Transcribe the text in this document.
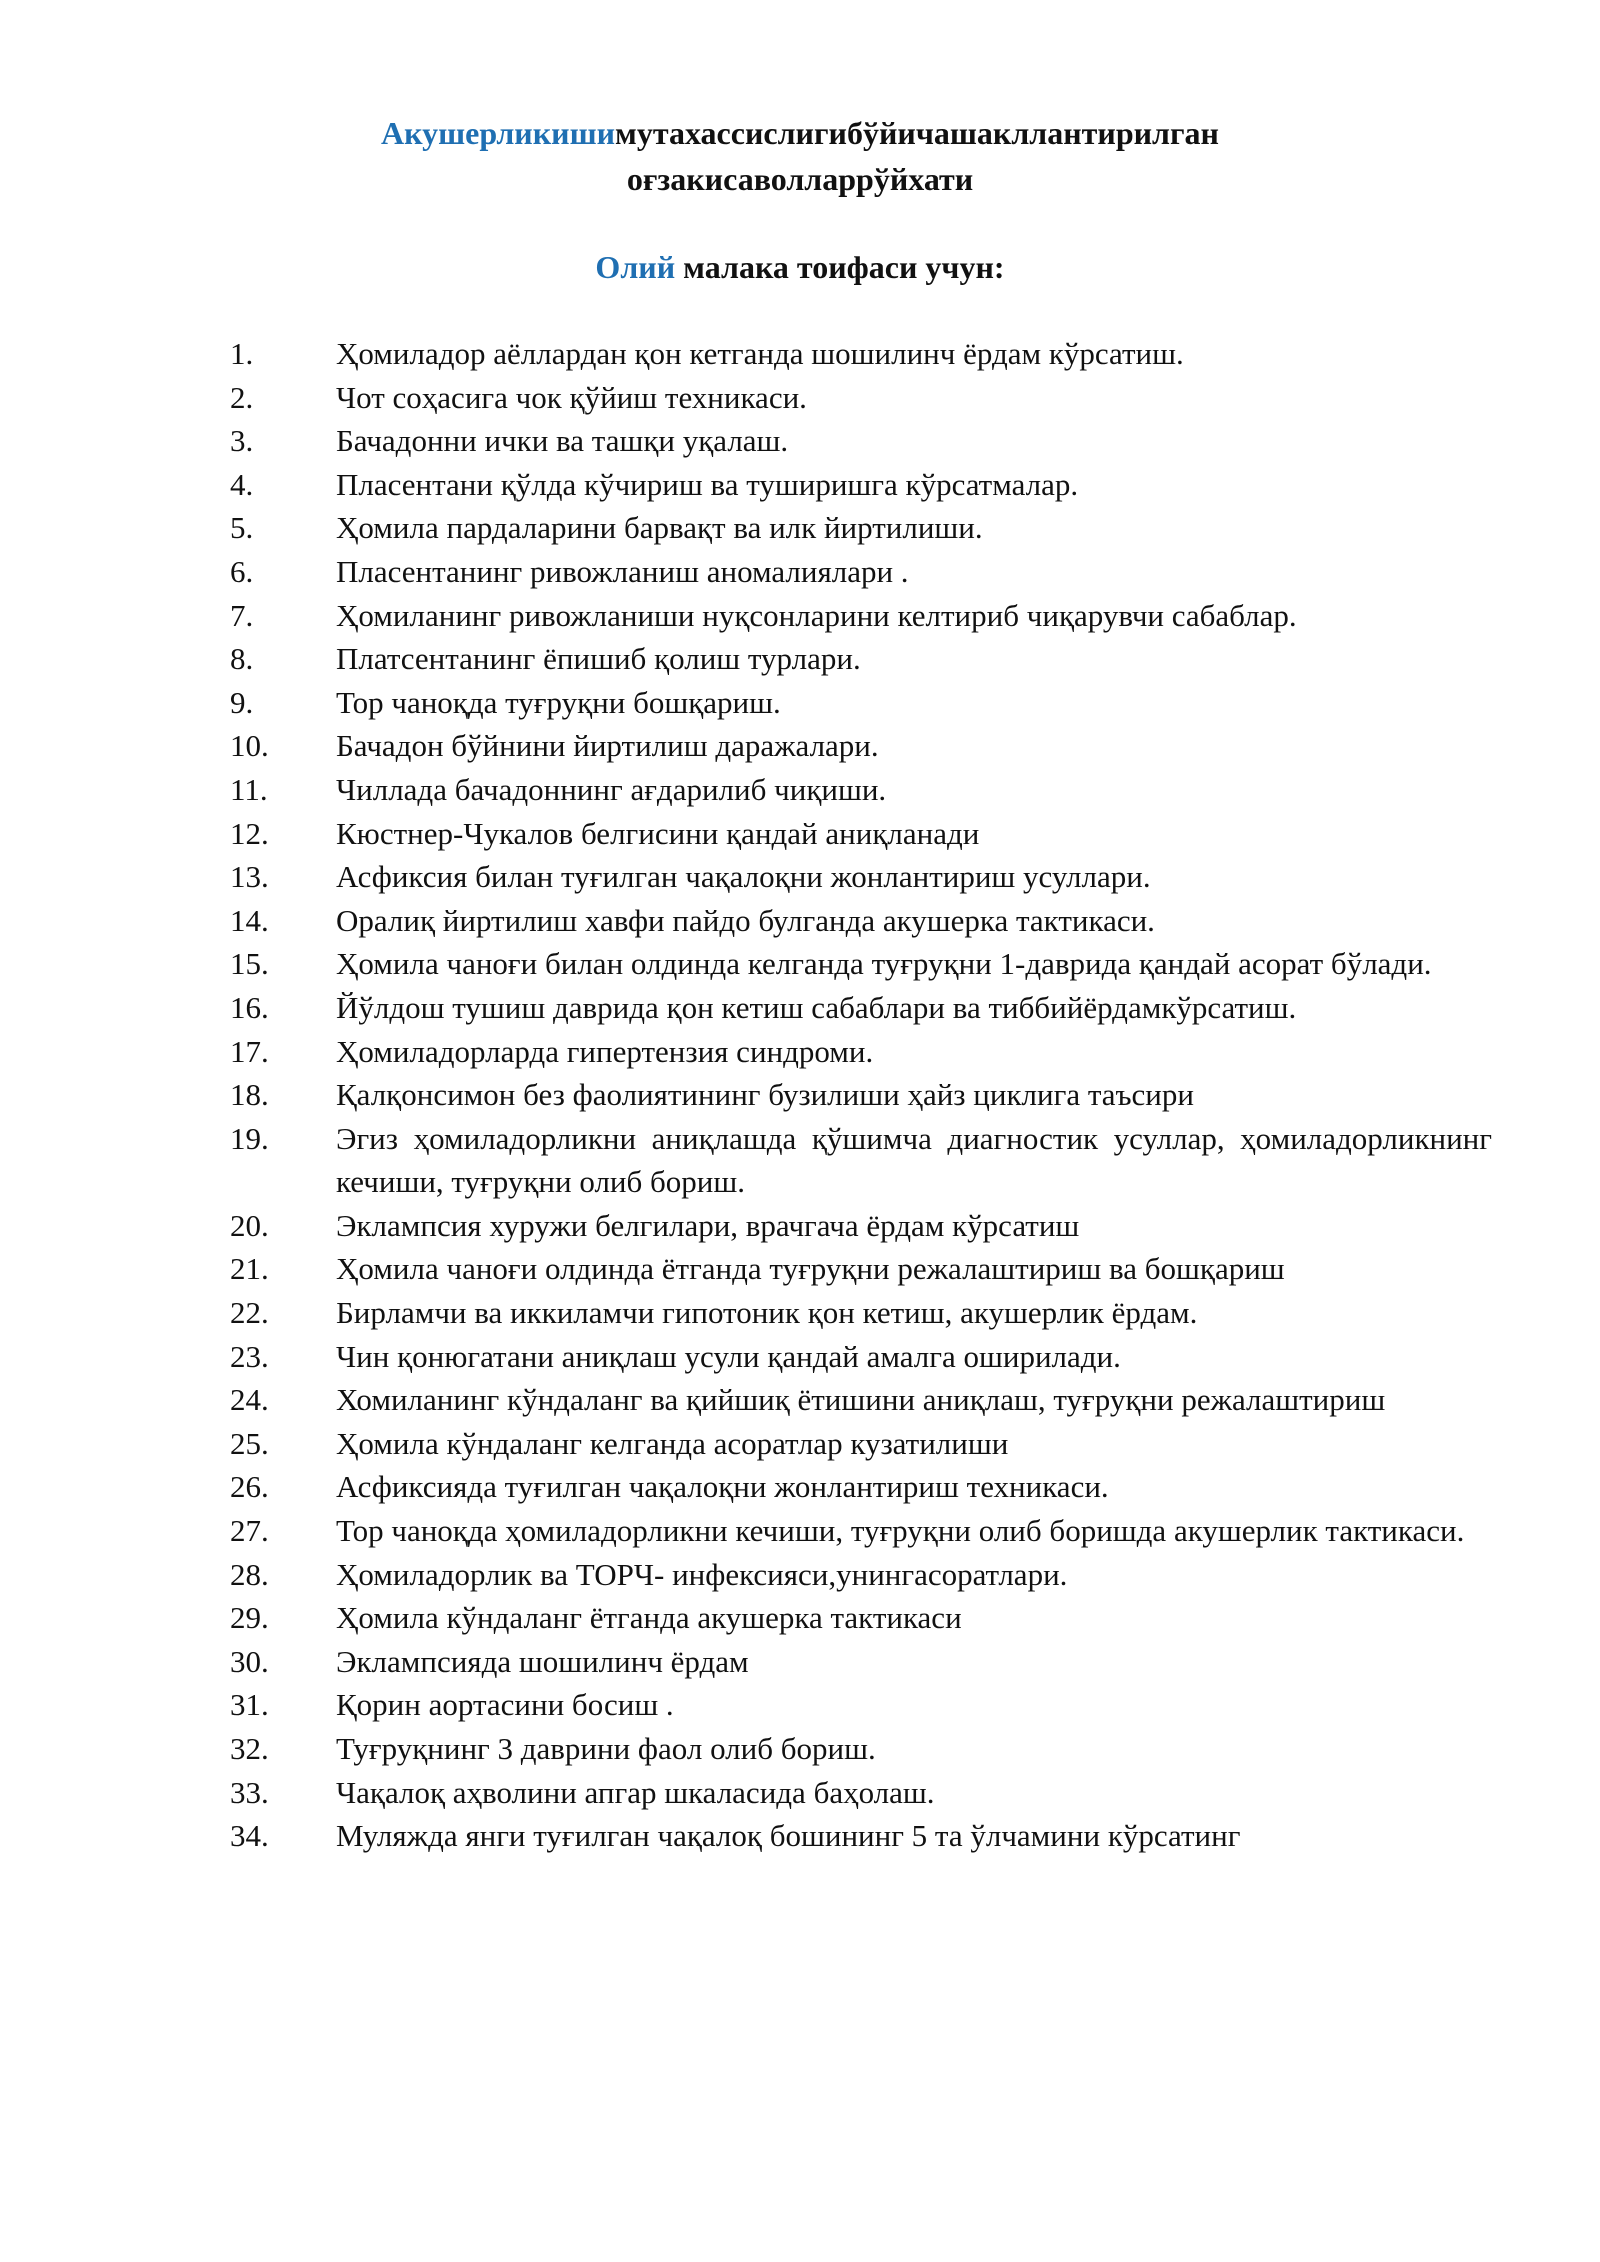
Акушерликишимутахассислигибўйичашакллантирилган
оғзакисаволларрўйхати
Олий малака тоифаси учун:
1.	Ҳомиладор аёллардан қон кетганда шошилинч ёрдам кўрсатиш.
2.	Чот соҳасига чок қўйиш техникаси.
3.	Бачадонни ички ва ташқи уқалаш.
4.	Пласентани қўлда кўчириш ва туширишга кўрсатмалар.
5.	Ҳомила пардаларини барвақт ва илк йиртилиши.
6.	Пласентанинг ривожланиш аномалиялари .
7.	Ҳомиланинг ривожланиши нуқсонларини келтириб чиқарувчи сабаблар.
8.	Платсентанинг ёпишиб қолиш турлари.
9.	Тор чаноқда туғруқни бошқариш.
10.	Бачадон бўйнини йиртилиш даражалари.
11.	Чиллада бачадоннинг ағдарилиб чиқиши.
12.	Кюстнер-Чукалов белгисини қандай аниқланади
13.	Асфиксия билан туғилган чақалоқни жонлантириш усуллари.
14.	Оралиқ йиртилиш хавфи пайдо булганда акушерка тактикаси.
15.	Ҳомила чаноғи билан олдинда келганда туғруқни 1-даврида қандай асорат бўлади.
16.	Йўлдош тушиш даврида қон кетиш сабаблари ва тиббийёрдамкўрсатиш.
17.	Ҳомиладорларда гипертензия синдроми.
18.	Қалқонсимон без фаолиятининг бузилиши ҳайз циклига таъсири
19.	Эгиз ҳомиладорликни аниқлашда қўшимча диагностик усуллар, ҳомиладорликнинг кечиши, туғруқни олиб бориш.
20.	Эклампсия хуружи белгилари, врачгача ёрдам кўрсатиш
21.	Ҳомила чаноғи олдинда ётганда туғруқни режалаштириш ва бошқариш
22.	Бирламчи ва иккиламчи гипотоник қон кетиш, акушерлик ёрдам.
23.	Чин қонюгатани аниқлаш усули қандай амалга оширилади.
24.	Хомиланинг кўндаланг ва қийшиқ ётишини аниқлаш, туғруқни режалаштириш
25.	Ҳомила кўндаланг келганда асоратлар кузатилиши
26.	Асфиксияда туғилган чақалоқни жонлантириш техникаси.
27.	Тор чаноқда ҳомиладорликни кечиши, туғруқни олиб боришда акушерлик тактикаси.
28.	Ҳомиладорлик ва ТОРЧ- инфексияси,унингасоратлари.
29.	Ҳомила кўндаланг ётганда акушерка тактикаси
30.	Эклампсияда шошилинч ёрдам
31.	Қорин аортасини босиш .
32.	Туғруқнинг 3 даврини фаол олиб бориш.
33.	Чақалоқ аҳволини апгар шкаласида баҳолаш.
34.	Муляжда янги туғилган чақалоқ бошининг 5 та ўлчамини кўрсатинг
